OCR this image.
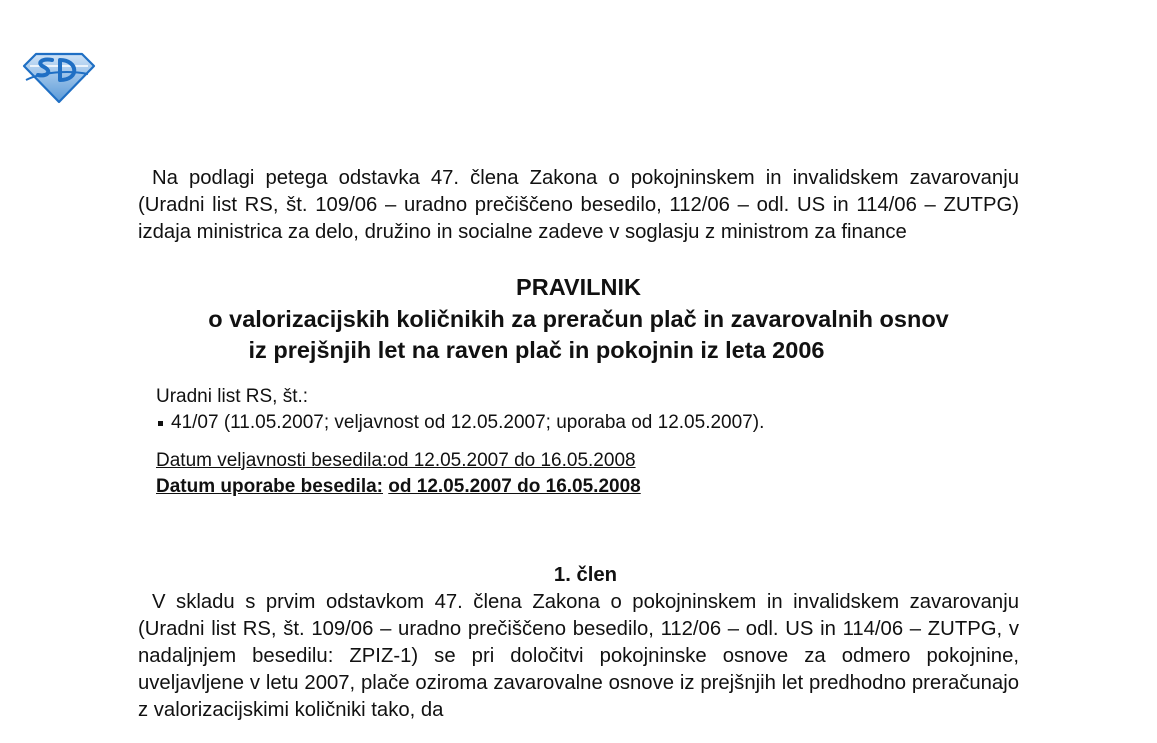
Na podlagi petega odstavka 47. člena Zakona o pokojninskem in invalidskem zavarovanju (Uradni list RS, št. 109/06 – uradno prečiščeno besedilo, 112/06 – odl. US in 114/06 – ZUTPG) izdaja ministrica za delo, družino in socialne zadeve v soglasju z ministrom za finance

PRAVILNIK
o valorizacijskih količnikih za preračun plač in zavarovalnih osnov
iz prejšnjih let na raven plač in pokojnin iz leta 2006
Uradni list RS, št.:
41/07 (11.05.2007; veljavnost od 12.05.2007; uporaba od 12.05.2007).
Datum veljavnosti besedila:od 12.05.2007 do 16.05.2008
Datum uporabe besedila: od 12.05.2007 do 16.05.2008
1. člen

V skladu s prvim odstavkom 47. člena Zakona o pokojninskem in invalidskem zavarovanju (Uradni list RS, št. 109/06 – uradno prečiščeno besedilo, 112/06 – odl. US in 114/06 – ZUTPG, v nadaljnjem besedilu: ZPIZ-1) se pri določitvi pokojninske osnove za odmero pokojnine, uveljavljene v letu 2007, plače oziroma zavarovalne osnove iz prejšnjih let predhodno preračunajo z valorizacijskimi količniki tako, da
